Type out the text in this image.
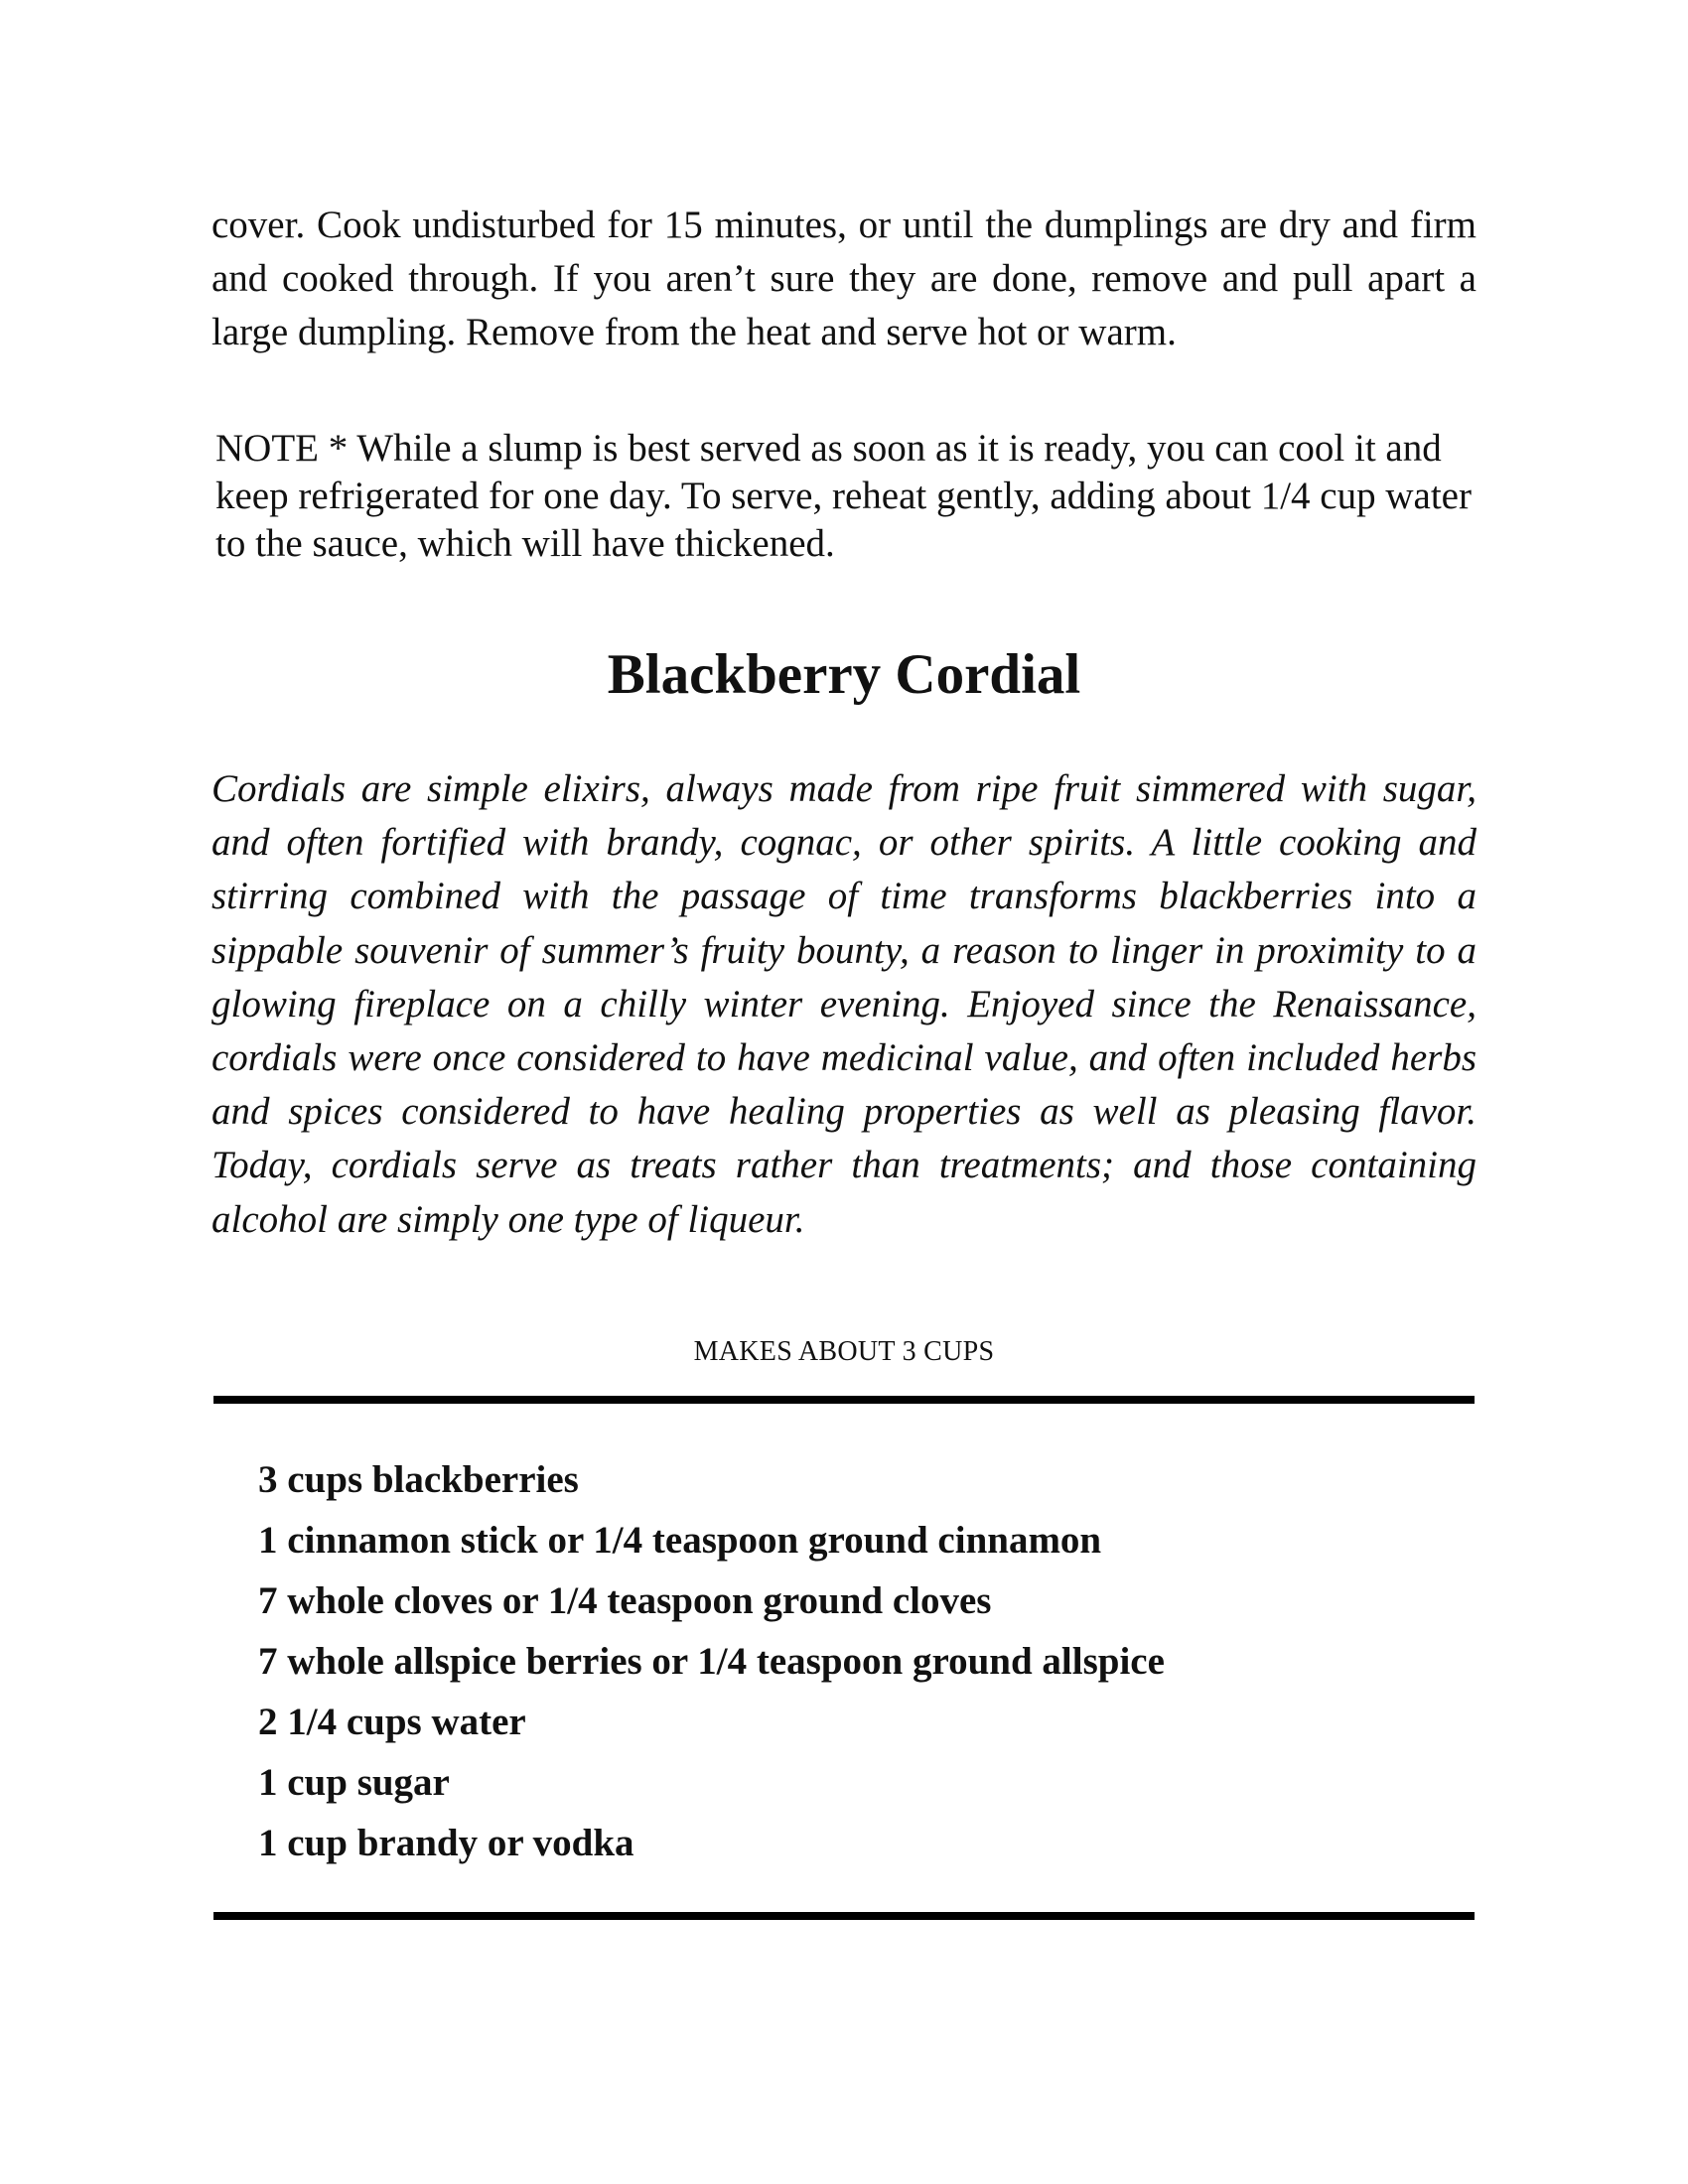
cover. Cook undisturbed for 15 minutes, or until the dumplings are dry and firm and cooked through. If you aren’t sure they are done, remove and pull apart a large dumpling. Remove from the heat and serve hot or warm.

NOTE * While a slump is best served as soon as it is ready, you can cool it and keep refrigerated for one day. To serve, reheat gently, adding about 1/4 cup water to the sauce, which will have thickened.

Blackberry Cordial

Cordials are simple elixirs, always made from ripe fruit simmered with sugar, and often fortified with brandy, cognac, or other spirits. A little cooking and stirring combined with the passage of time transforms blackberries into a sippable souvenir of summer’s fruity bounty, a reason to linger in proximity to a glowing fireplace on a chilly winter evening. Enjoyed since the Renaissance, cordials were once considered to have medicinal value, and often included herbs and spices considered to have healing properties as well as pleasing flavor. Today, cordials serve as treats rather than treatments; and those containing alcohol are simply one type of liqueur.

MAKES ABOUT 3 CUPS

3 cups blackberries
1 cinnamon stick or 1/4 teaspoon ground cinnamon
7 whole cloves or 1/4 teaspoon ground cloves
7 whole allspice berries or 1/4 teaspoon ground allspice
2 1/4 cups water
1 cup sugar
1 cup brandy or vodka
